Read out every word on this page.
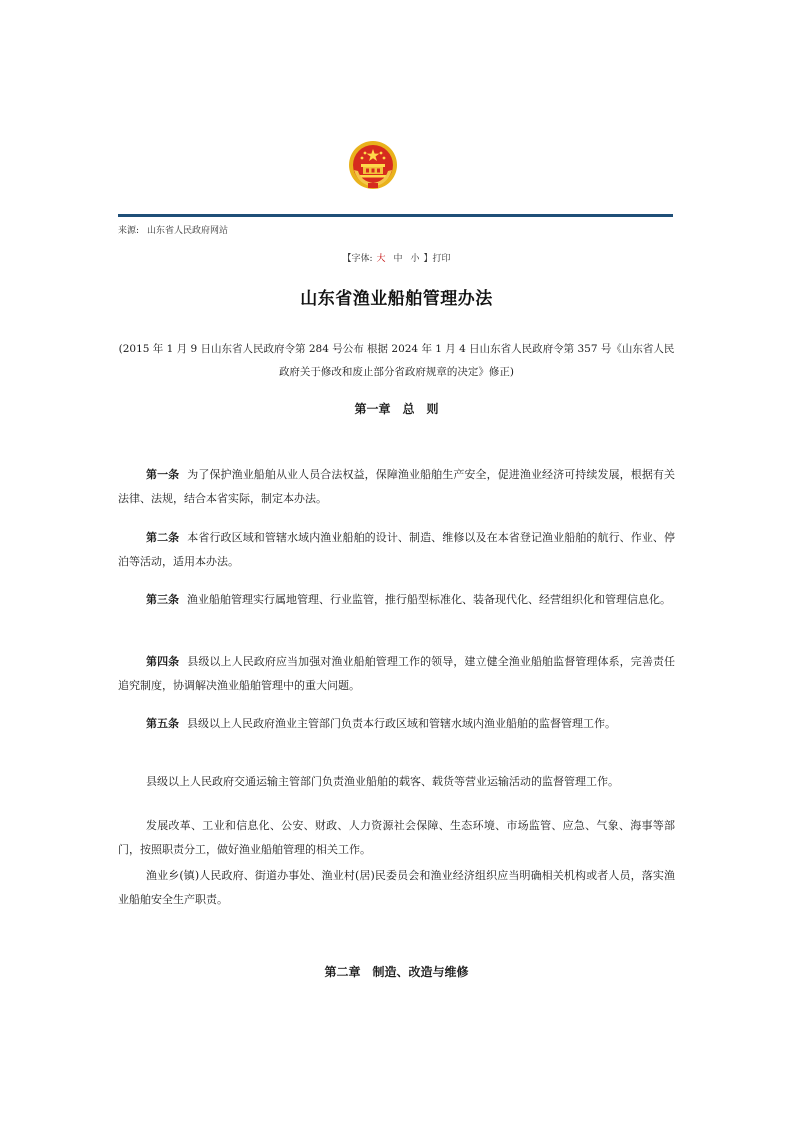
来源: 山东省人民政府网站
【字体: 大 中 小 】打印
山东省渔业船舶管理办法

(2015 年 1 月 9 日山东省人民政府令第 284 号公布 根据 2024 年 1 月 4 日山东省人民政府令第 357 号《山东省人民政府关于修改和废止部分省政府规章的决定》修正)

第一章　总　则

第一条 为了保护渔业船舶从业人员合法权益，保障渔业船舶生产安全，促进渔业经济可持续发展，根据有关法律、法规，结合本省实际，制定本办法。

第二条 本省行政区域和管辖水域内渔业船舶的设计、制造、维修以及在本省登记渔业船舶的航行、作业、停泊等活动，适用本办法。

第三条 渔业船舶管理实行属地管理、行业监管，推行船型标准化、装备现代化、经营组织化和管理信息化。

第四条 县级以上人民政府应当加强对渔业船舶管理工作的领导，建立健全渔业船舶监督管理体系，完善责任追究制度，协调解决渔业船舶管理中的重大问题。

第五条 县级以上人民政府渔业主管部门负责本行政区域和管辖水域内渔业船舶的监督管理工作。

县级以上人民政府交通运输主管部门负责渔业船舶的载客、载货等营业运输活动的监督管理工作。

发展改革、工业和信息化、公安、财政、人力资源社会保障、生态环境、市场监管、应急、气象、海事等部门，按照职责分工，做好渔业船舶管理的相关工作。

渔业乡(镇)人民政府、街道办事处、渔业村(居)民委员会和渔业经济组织应当明确相关机构或者人员，落实渔业船舶安全生产职责。

第二章　制造、改造与维修
